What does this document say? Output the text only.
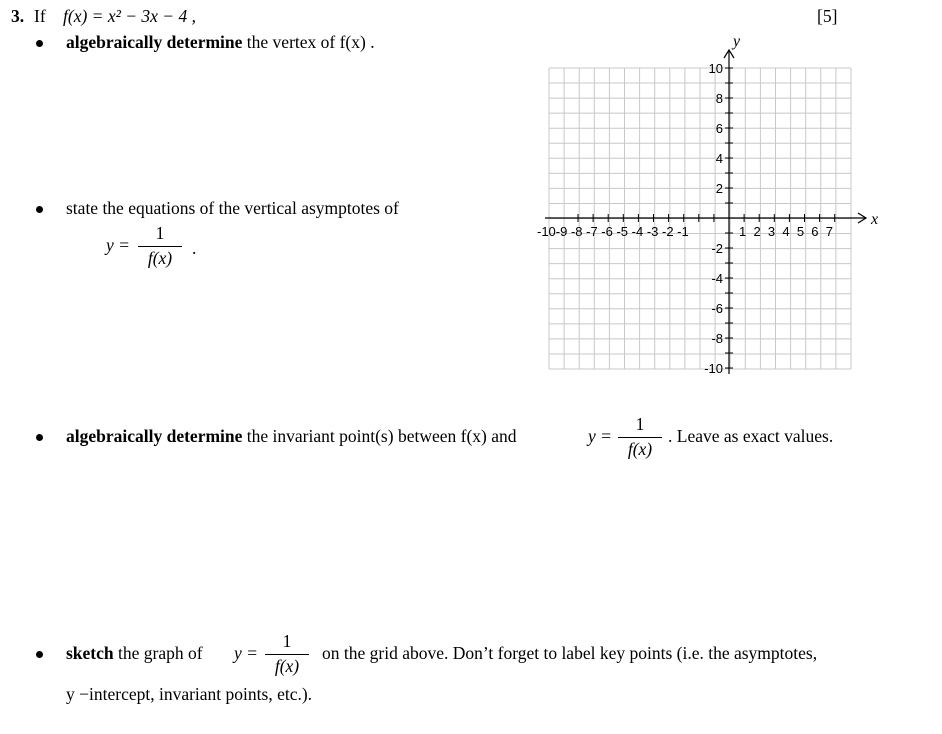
3. If f(x) = x² − 3x − 4 ,	[5]
algebraically determine the vertex of f(x) .
state the equations of the vertical asymptotes of
y =
1
f(x)	.
algebraically determine the invariant point(s) between f(x) and	y =
1
f(x)
. Leave as exact values.
sketch the graph of y =
1
f(x)
on the grid above. Don’t forget to label key points (i.e. the asymptotes,
y −intercept, invariant points, etc.).
x
y
-10-9 -8 -7 -6 -5 -4 -3 -2 -1	1  2  3  4  5  6  7
10
8
6
4
2
-2
-4
-6
-8
-10
